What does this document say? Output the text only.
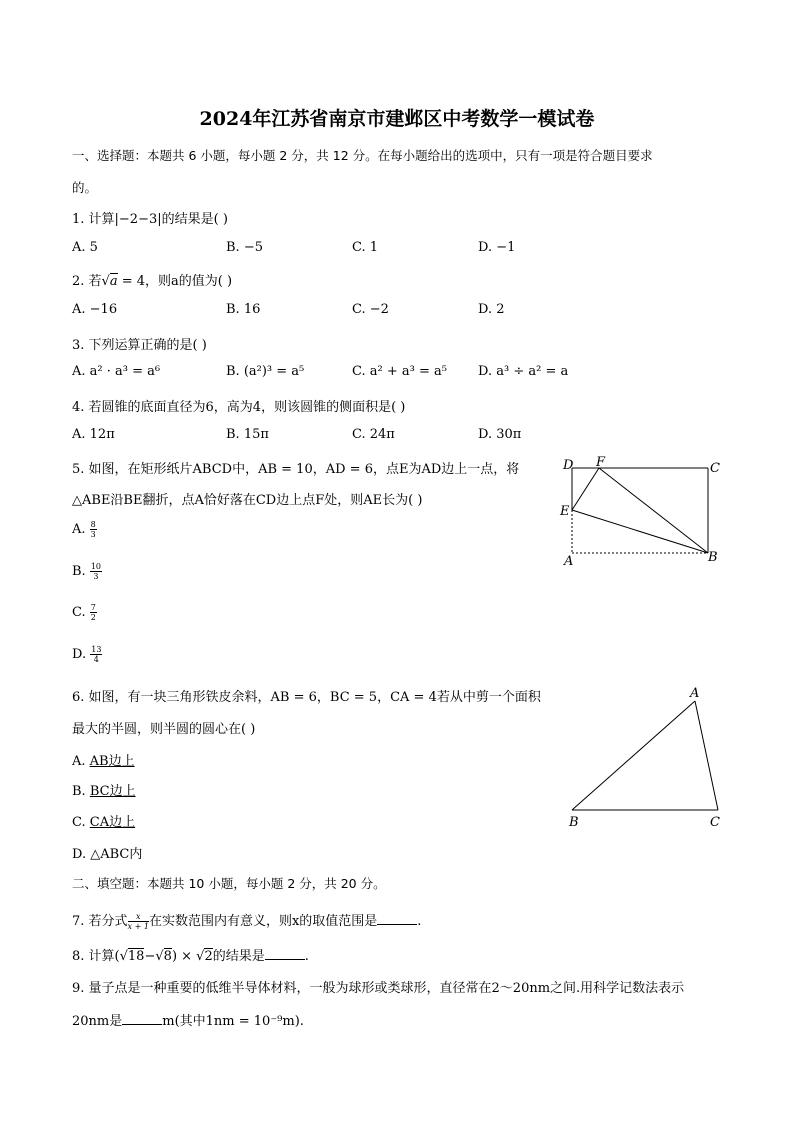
2024年江苏省南京市建邺区中考数学一模试卷
一、选择题：本题共 6 小题，每小题 2 分，共 12 分。在每小题给出的选项中，只有一项是符合题目要求
的。
1. 计算|−2−3|的结果是( )
A. 5	B. −5	C. 1	D. −1
2. 若√a = 4，则a的值为( )
A. −16	B. 16	C. −2	D. 2
3. 下列运算正确的是( )
A. a² · a³ = a⁶	B. (a²)³ = a⁵	C. a² + a³ = a⁵ D. a³ ÷ a² = a
4. 若圆锥的底面直径为6，高为4，则该圆锥的侧面积是( )
A. 12π	B. 15π	C. 24π	D. 30π
5. 如图，在矩形纸片ABCD中，AB = 10，AD = 6，点E为AD边上一点，将
△ABE沿BE翻折，点A恰好落在CD边上点F处，则AE长为( )
A. $\frac{8}{3}$
B. $\frac{10}{3}$
C. $\frac{7}{2}$
D. $\frac{13}{4}$
D F	C
E
A	B
6. 如图，有一块三角形铁皮余料，AB = 6，BC = 5，CA = 4若从中剪一个面积
最大的半圆，则半圆的圆心在( )
A. AB边上
B. BC边上
C. CA边上
D. △ABC内
A
B	C
二、填空题：本题共 10 小题，每小题 2 分，共 20 分。
7. 若分式 $\frac{x}{x + 1}$ 在实数范围内有意义，则x的取值范围是	.
8. 计算(√18−√8) × √2的结果是	.
9. 量子点是一种重要的低维半导体材料，一般为球形或类球形，直径常在2～20nm之间.用科学记数法表示
20nm是	m(其中1nm = 10⁻⁹m).
